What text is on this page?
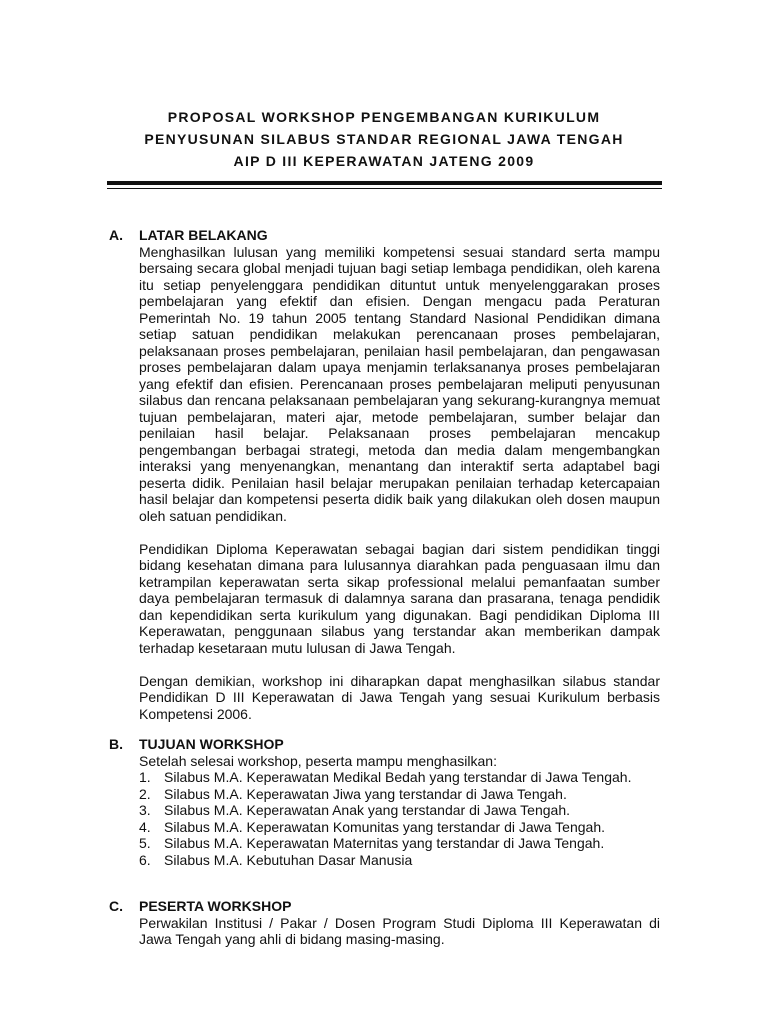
PROPOSAL WORKSHOP PENGEMBANGAN KURIKULUM

PENYUSUNAN SILABUS STANDAR REGIONAL JAWA TENGAH

AIP D III KEPERAWATAN JATENG 2009

A.	LATAR BELAKANG

Menghasilkan lulusan yang memiliki kompetensi sesuai standard serta mampu bersaing secara global menjadi tujuan bagi setiap lembaga pendidikan, oleh karena itu setiap penyelenggara pendidikan dituntut untuk menyelenggarakan proses pembelajaran yang efektif dan efisien. Dengan mengacu pada Peraturan Pemerintah No. 19 tahun 2005 tentang Standard Nasional Pendidikan dimana setiap satuan pendidikan melakukan perencanaan proses pembelajaran, pelaksanaan proses pembelajaran, penilaian hasil pembelajaran, dan pengawasan proses pembelajaran dalam upaya menjamin terlaksananya proses pembelajaran yang efektif dan efisien. Perencanaan proses pembelajaran meliputi penyusunan silabus dan rencana pelaksanaan pembelajaran yang sekurang-kurangnya memuat tujuan pembelajaran, materi ajar, metode pembelajaran, sumber belajar dan penilaian hasil belajar. Pelaksanaan proses pembelajaran mencakup pengembangan berbagai strategi, metoda dan media dalam mengembangkan interaksi yang menyenangkan, menantang dan interaktif serta adaptabel bagi peserta didik. Penilaian hasil belajar merupakan penilaian terhadap ketercapaian hasil belajar dan kompetensi peserta didik baik yang dilakukan oleh dosen maupun oleh satuan pendidikan.

Pendidikan Diploma Keperawatan sebagai bagian dari sistem pendidikan tinggi bidang kesehatan dimana para lulusannya diarahkan pada penguasaan ilmu dan ketrampilan keperawatan serta sikap professional melalui pemanfaatan sumber daya pembelajaran termasuk di dalamnya sarana dan prasarana, tenaga pendidik dan kependidikan serta kurikulum yang digunakan. Bagi pendidikan Diploma III Keperawatan, penggunaan silabus yang terstandar akan memberikan dampak terhadap kesetaraan mutu lulusan di Jawa Tengah.

Dengan demikian, workshop ini diharapkan dapat menghasilkan silabus standar Pendidikan D III Keperawatan di Jawa Tengah yang sesuai Kurikulum berbasis Kompetensi 2006.

B.	TUJUAN WORKSHOP

Setelah selesai workshop, peserta mampu menghasilkan:

1. Silabus M.A. Keperawatan Medikal Bedah yang terstandar di Jawa Tengah.
2. Silabus M.A. Keperawatan Jiwa yang terstandar di Jawa Tengah.
3. Silabus M.A. Keperawatan Anak yang terstandar di Jawa Tengah.
4. Silabus M.A. Keperawatan Komunitas yang terstandar di Jawa Tengah.
5. Silabus M.A. Keperawatan Maternitas yang terstandar di Jawa Tengah.
6. Silabus M.A. Kebutuhan Dasar Manusia
C.	PESERTA WORKSHOP

Perwakilan Institusi / Pakar / Dosen Program Studi Diploma III Keperawatan di Jawa Tengah yang ahli di bidang masing-masing.
